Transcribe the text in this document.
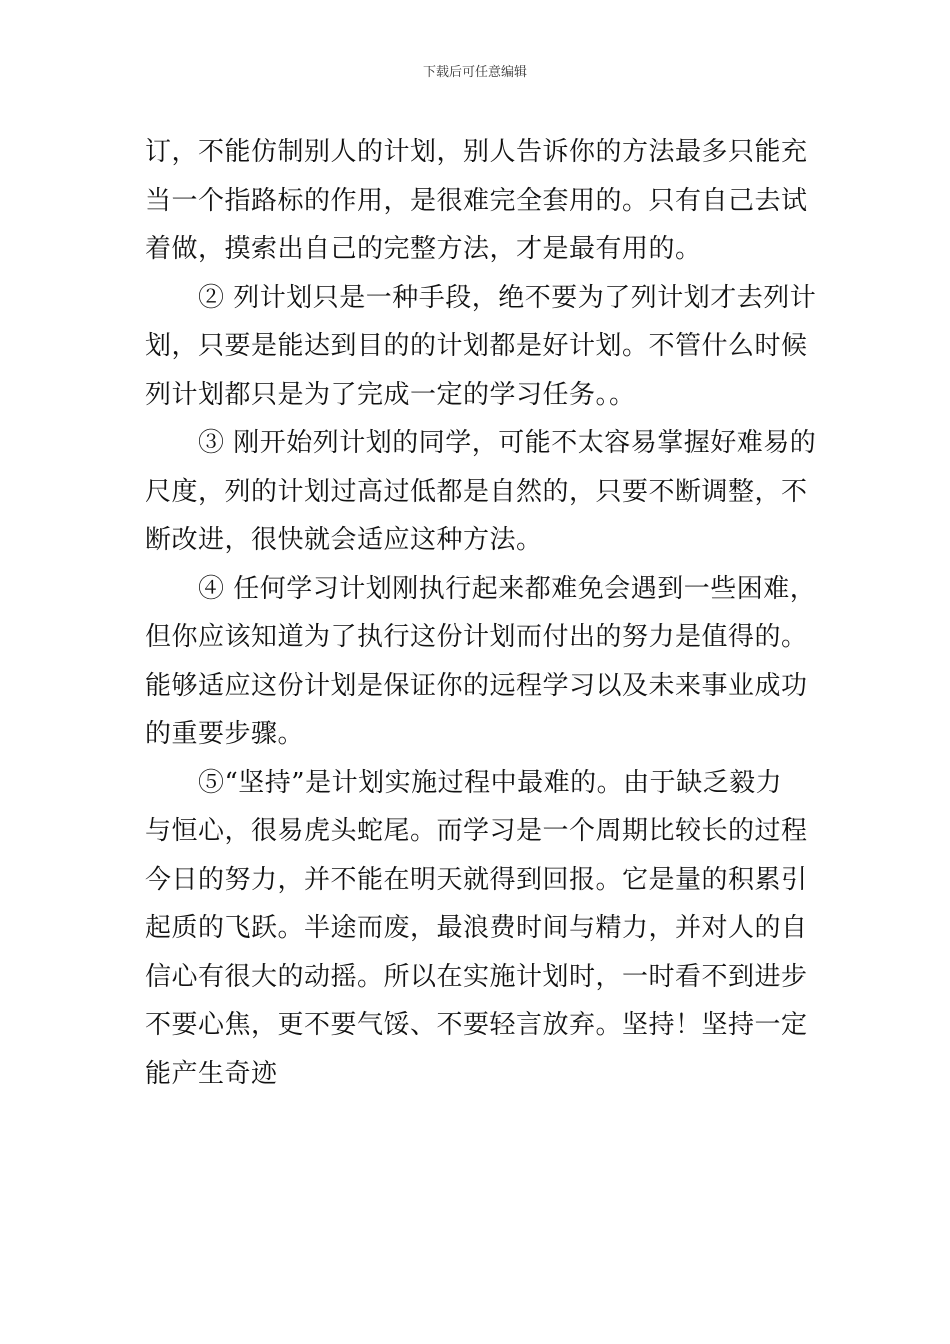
下载后可任意编辑
订，不能仿制别人的计划，别人告诉你的方法最多只能充
当一个指路标的作用，是很难完全套用的。只有自己去试
着做，摸索出自己的完整方法，才是最有用的。
　　② 列计划只是一种手段，绝不要为了列计划才去列计
划，只要是能达到目的的计划都是好计划。不管什么时候
列计划都只是为了完成一定的学习任务。。
　　③ 刚开始列计划的同学，可能不太容易掌握好难易的
尺度，列的计划过高过低都是自然的，只要不断调整，不
断改进，很快就会适应这种方法。
　　④ 任何学习计划刚执行起来都难免会遇到一些困难，
但你应该知道为了执行这份计划而付出的努力是值得的。
能够适应这份计划是保证你的远程学习以及未来事业成功
的重要步骤。
　　⑤“坚持”是计划实施过程中最难的。由于缺乏毅力
与恒心，很易虎头蛇尾。而学习是一个周期比较长的过程
今日的努力，并不能在明天就得到回报。它是量的积累引
起质的飞跃。半途而废，最浪费时间与精力，并对人的自
信心有很大的动摇。所以在实施计划时，一时看不到进步
不要心焦，更不要气馁、不要轻言放弃。坚持！坚持一定
能产生奇迹
